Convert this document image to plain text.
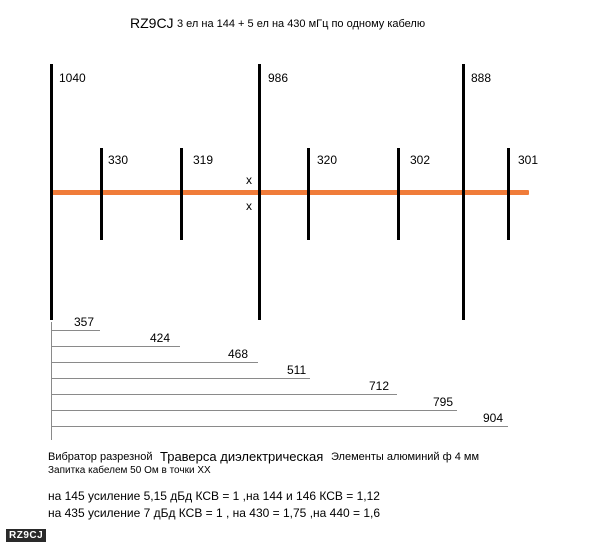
RZ9CJ 3 ел на 144 + 5 ел на 430 мГц по одному кабелю
1040	986	888
330	319	320	302	301
x
x
357
424
468
511
712
795
904
Вибратор разрезной Траверса диэлектрическая Элементы алюминий ф 4 мм
Запитка кабелем 50 Ом в точки ХХ
на 145 усиление 5,15 дБд КСВ = 1 ,на 144 и 146 КСВ = 1,12
на 435 усиление 7 дБд КСВ = 1 , на 430 = 1,75 ,на 440 = 1,6
RZ9CJ
